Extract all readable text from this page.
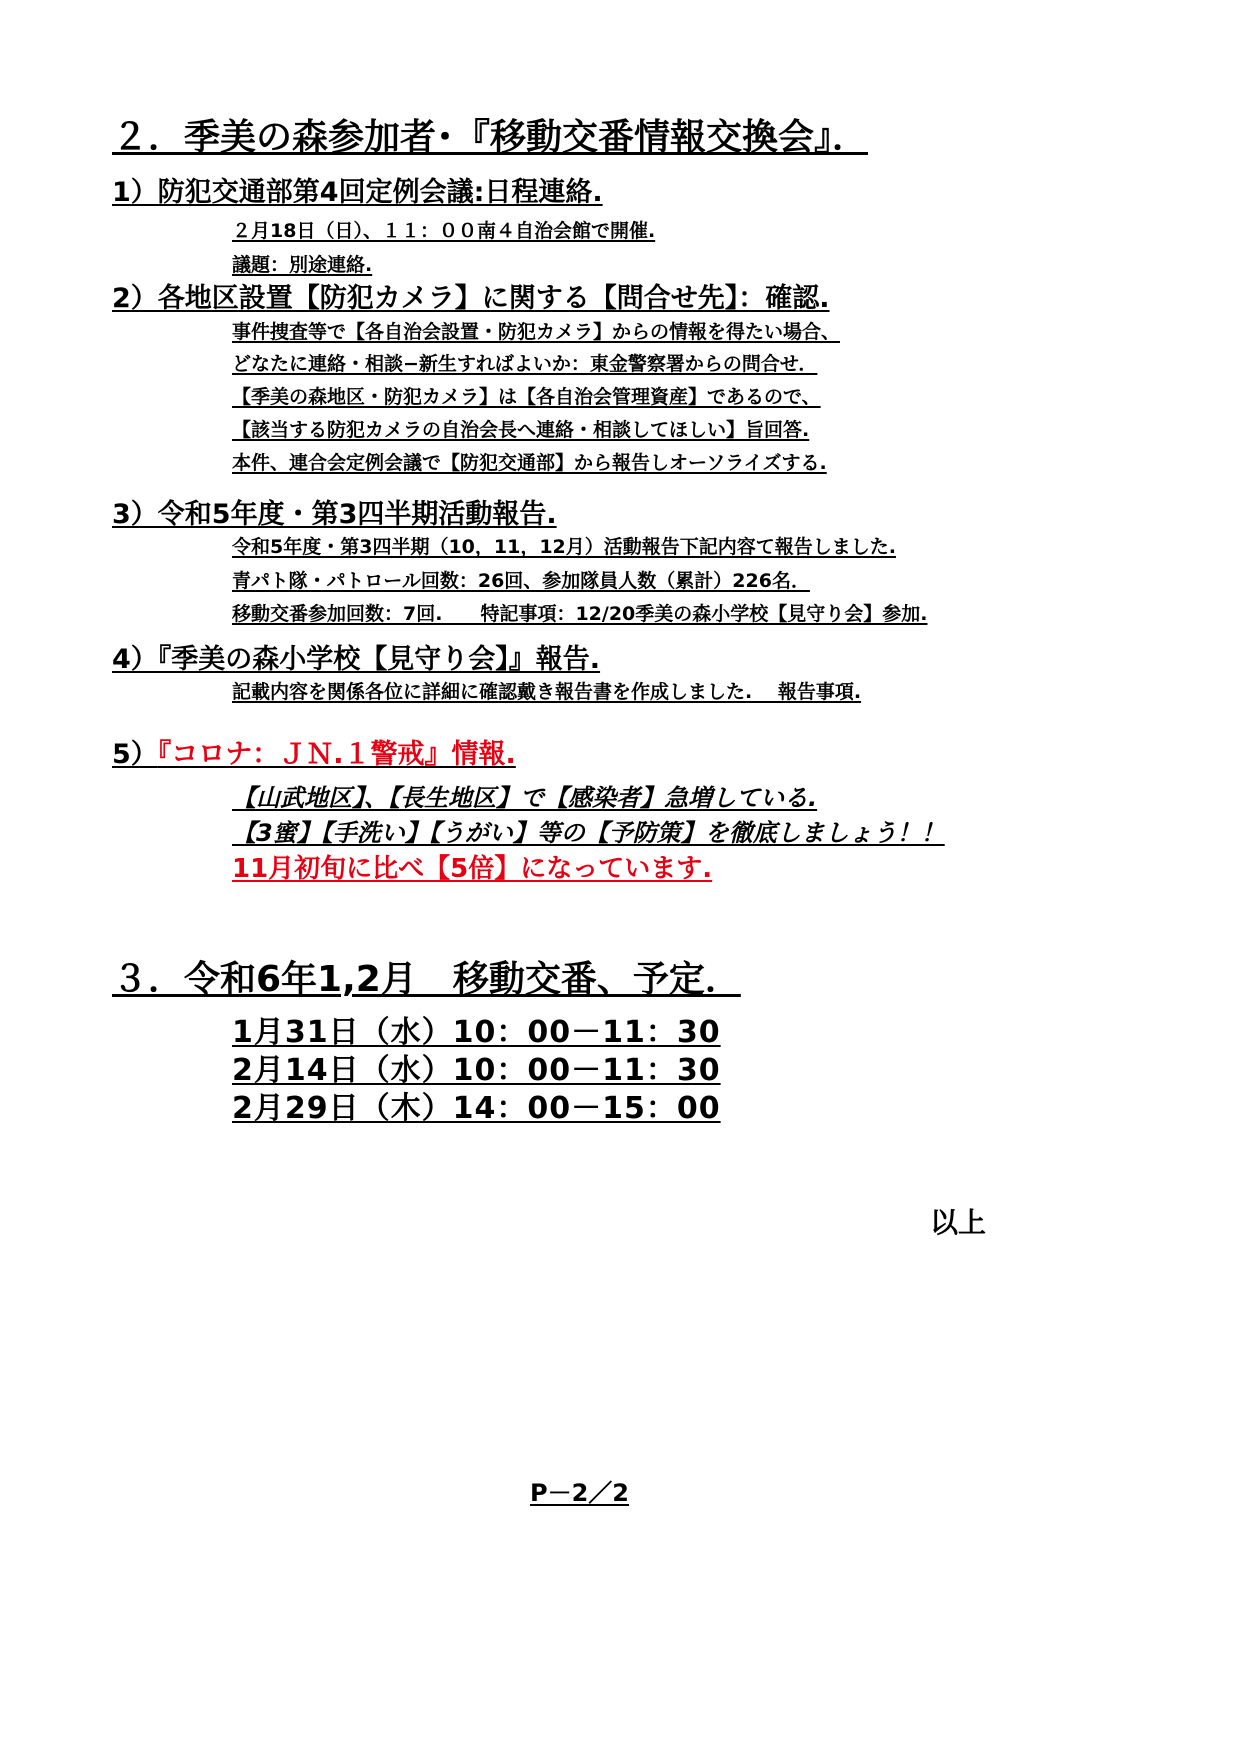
２．季美の森参加者･『移動交番情報交換会』．
1）防犯交通部第4回定例会議:日程連絡.
２月18日（日）、１１：００南４自治会館で開催.
議題：別途連絡.
2）各地区設置【防犯カメラ】に関する【問合せ先】：確認.
事件捜査等で【各自治会設置・防犯カメラ】からの情報を得たい場合、
どなたに連絡・相談−新生すればよいか：東金警察署からの問合せ．
【季美の森地区・防犯カメラ】は【各自治会管理資産】であるので、
【該当する防犯カメラの自治会長へ連絡・相談してほしい】旨回答.
本件、連合会定例会議で【防犯交通部】から報告しオーソライズする.
3）令和5年度・第3四半期活動報告.
令和5年度・第3四半期（10，11，12月）活動報告下記内容て報告しました.
青パト隊・パトロール回数：26回、参加隊員人数（累計）226名．
移動交番参加回数：7回.　　特記事項：12/20季美の森小学校【見守り会】参加.
4）『季美の森小学校【見守り会】』報告.
記載内容を関係各位に詳細に確認戴き報告書を作成しました.　 報告事項.
5）『コロナ：ＪＮ.１警戒』情報.
【山武地区】、【長生地区】で【感染者】急増している.
【3蜜】【手洗い】【うがい】等の【予防策】を徹底しましょう！！
11月初旬に比べ【5倍】になっています.
３．令和6年1,2月　移動交番、予定．
1月31日（水）10：00－11：30
2月14日（水）10：00－11：30
2月29日（木）14：00－15：00
以上
P－2／2
